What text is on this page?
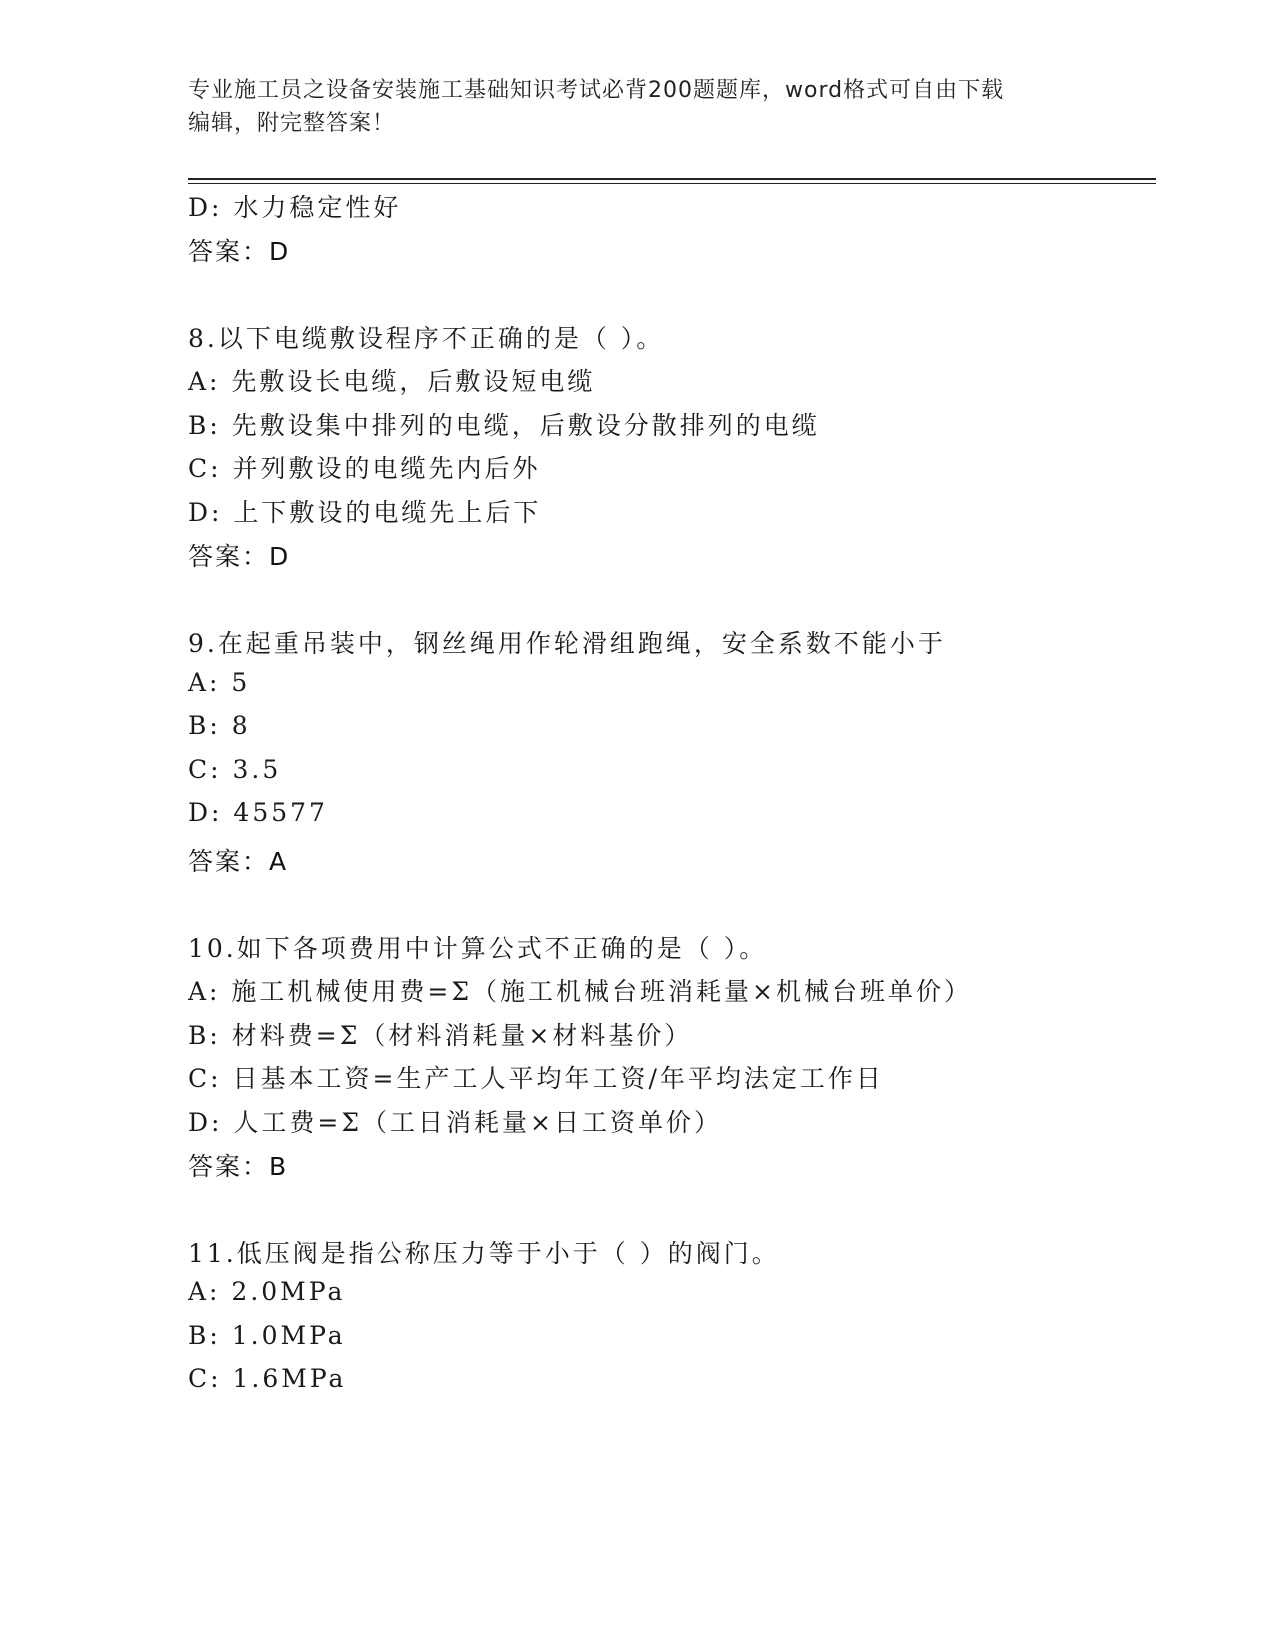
专业施工员之设备安装施工基础知识考试必背200题题库，word格式可自由下载
编辑，附完整答案！
D: 水力稳定性好
答案：D
8.以下电缆敷设程序不正确的是（ ）。
A: 先敷设长电缆，后敷设短电缆
B: 先敷设集中排列的电缆，后敷设分散排列的电缆
C: 并列敷设的电缆先内后外
D: 上下敷设的电缆先上后下
答案：D
9.在起重吊装中，钢丝绳用作轮滑组跑绳，安全系数不能小于
A: 5
B: 8
C: 3.5
D: 45577
答案：A
10.如下各项费用中计算公式不正确的是（ ）。
A: 施工机械使用费=Σ（施工机械台班消耗量×机械台班单价）
B: 材料费=Σ（材料消耗量×材料基价）
C: 日基本工资=生产工人平均年工资/年平均法定工作日
D: 人工费=Σ（工日消耗量×日工资单价）
答案：B
11.低压阀是指公称压力等于小于（ ）的阀门。
A: 2.0MPa
B: 1.0MPa
C: 1.6MPa
